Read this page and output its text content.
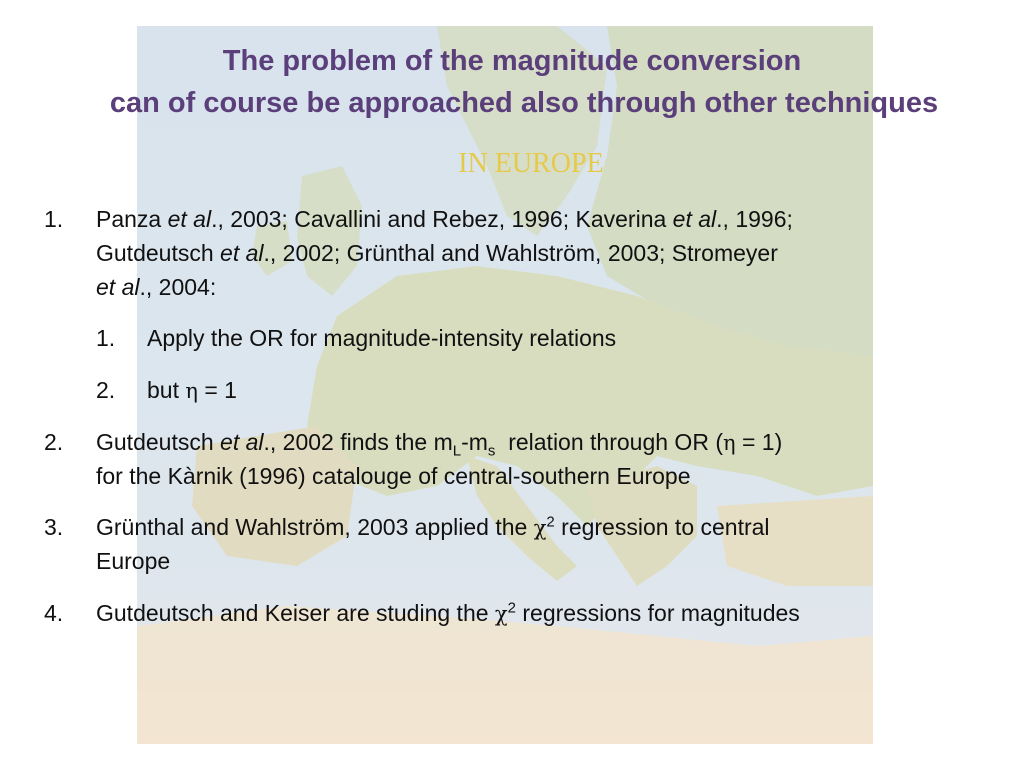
The problem of the magnitude conversion
can of course be approached also through other techniques
IN EUROPE
1.	Panza et al., 2003; Cavallini and Rebez, 1996; Kaverina et al., 1996;
Gutdeutsch et al., 2002; Grünthal and Wahlström, 2003; Stromeyer
et al., 2004:
1.	Apply the OR for magnitude-intensity relations
2.	but η = 1
2.	Gutdeutsch et al., 2002 finds the $m_L-m_s$  relation through OR (η = 1)
for the Kàrnik (1996) catalouge of central-southern Europe
3.	Grünthal and Wahlström, 2003 applied the $\chi^2$ regression to central
Europe
4.	Gutdeutsch and Keiser are studing the $\chi^2$ regressions for magnitudes
